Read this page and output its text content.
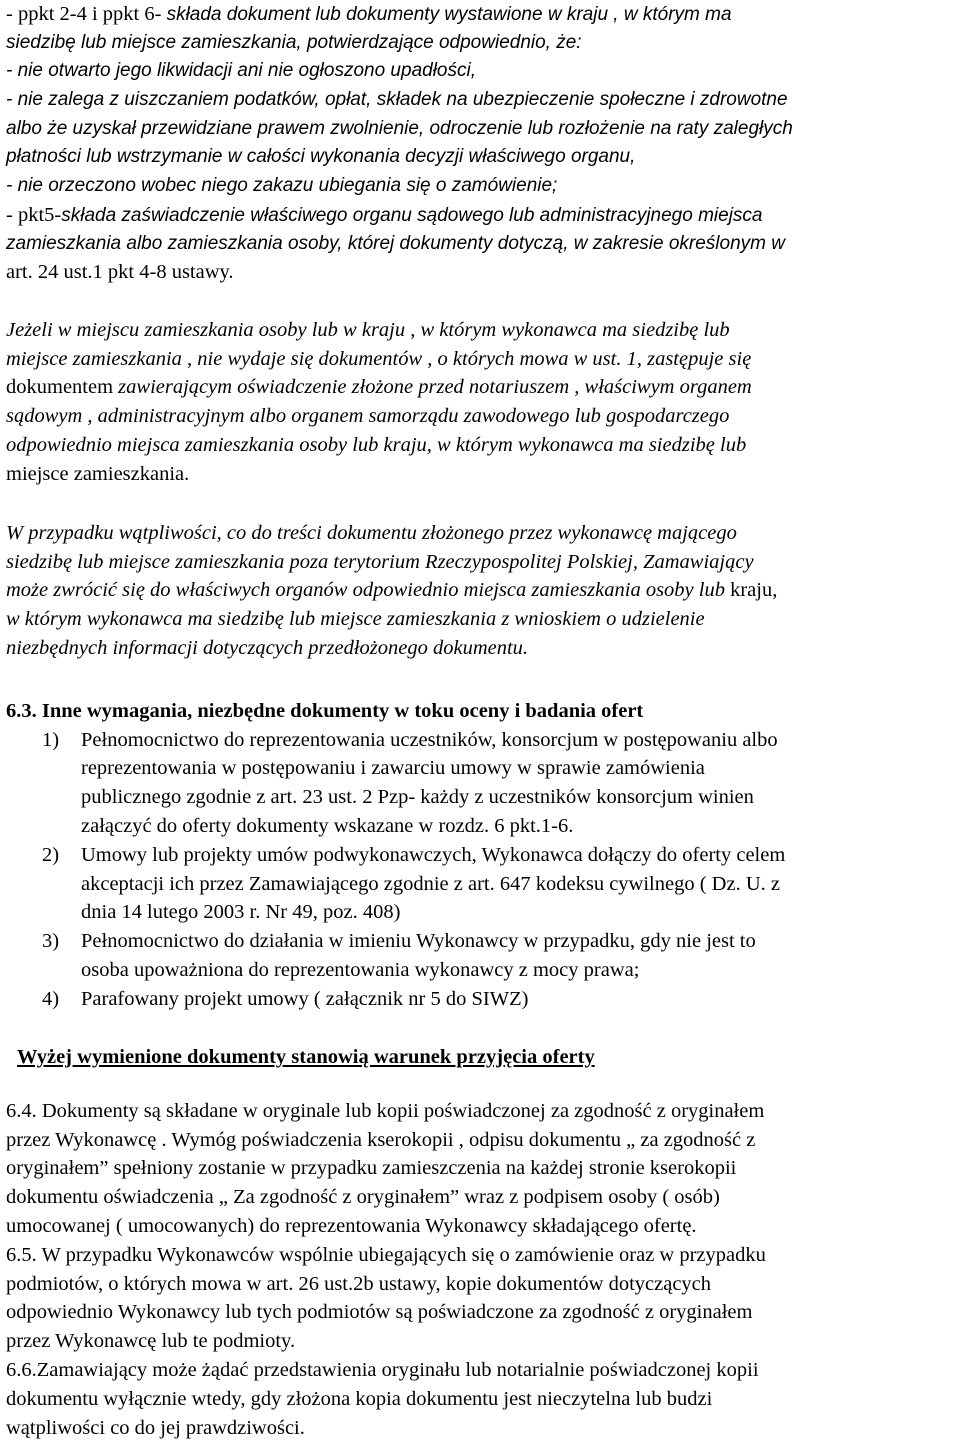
- ppkt 2-4 i ppkt 6- składa dokument lub dokumenty wystawione w kraju , w którym ma
siedzibę lub miejsce zamieszkania, potwierdzające odpowiednio, że:
- nie otwarto jego likwidacji ani nie ogłoszono upadłości,
- nie zalega z uiszczaniem podatków, opłat, składek na ubezpieczenie społeczne i zdrowotne
albo że uzyskał przewidziane prawem zwolnienie, odroczenie lub rozłożenie na raty zaległych
płatności lub wstrzymanie w całości wykonania decyzji właściwego organu,
- nie orzeczono wobec niego zakazu ubiegania się o zamówienie;
- pkt5-składa zaświadczenie właściwego organu sądowego lub administracyjnego miejsca
zamieszkania albo zamieszkania osoby, której dokumenty dotyczą, w zakresie określonym w
art. 24 ust.1 pkt 4-8 ustawy.
Jeżeli w miejscu zamieszkania osoby lub w kraju , w którym wykonawca ma siedzibę lub
miejsce zamieszkania , nie wydaje się dokumentów , o których mowa w ust. 1, zastępuje się
dokumentem zawierającym oświadczenie złożone przed notariuszem , właściwym organem
sądowym , administracyjnym albo organem samorządu zawodowego lub gospodarczego
odpowiednio miejsca zamieszkania osoby lub kraju, w którym wykonawca ma siedzibę lub
miejsce zamieszkania.
W przypadku wątpliwości, co do treści dokumentu złożonego przez wykonawcę mającego
siedzibę lub miejsce zamieszkania poza terytorium Rzeczypospolitej Polskiej, Zamawiający
może zwrócić się do właściwych organów odpowiednio miejsca zamieszkania osoby lub kraju,
w którym wykonawca ma siedzibę lub miejsce zamieszkania z wnioskiem o udzielenie
niezbędnych informacji dotyczących przedłożonego dokumentu.
6.3. Inne wymagania, niezbędne dokumenty w toku oceny i badania ofert
1) Pełnomocnictwo do reprezentowania uczestników, konsorcjum w postępowaniu albo
reprezentowania w postępowaniu i zawarciu umowy w sprawie zamówienia
publicznego zgodnie z art. 23 ust. 2 Pzp- każdy z uczestników konsorcjum winien
załączyć do oferty dokumenty wskazane w rozdz. 6 pkt.1-6.
2) Umowy lub projekty umów podwykonawczych, Wykonawca dołączy do oferty celem
akceptacji ich przez Zamawiającego zgodnie z art. 647 kodeksu cywilnego ( Dz. U. z
dnia 14 lutego 2003 r. Nr 49, poz. 408)
3) Pełnomocnictwo do działania w imieniu Wykonawcy w przypadku, gdy nie jest to
osoba upoważniona do reprezentowania wykonawcy z mocy prawa;
4) Parafowany projekt umowy ( załącznik nr 5 do SIWZ)
Wyżej wymienione dokumenty stanowią warunek przyjęcia oferty
6.4. Dokumenty są składane w oryginale lub kopii poświadczonej za zgodność z oryginałem
przez Wykonawcę . Wymóg poświadczenia kserokopii , odpisu dokumentu „ za zgodność z
oryginałem” spełniony zostanie w przypadku zamieszczenia na każdej stronie kserokopii
dokumentu oświadczenia „ Za zgodność z oryginałem” wraz z podpisem osoby ( osób)
umocowanej ( umocowanych) do reprezentowania Wykonawcy składającego ofertę.
6.5. W przypadku Wykonawców wspólnie ubiegających się o zamówienie oraz w przypadku
podmiotów, o których mowa w art. 26 ust.2b ustawy, kopie dokumentów dotyczących
odpowiednio Wykonawcy lub tych podmiotów są poświadczone za zgodność z oryginałem
przez Wykonawcę lub te podmioty.
6.6.Zamawiający może żądać przedstawienia oryginału lub notarialnie poświadczonej kopii
dokumentu wyłącznie wtedy, gdy złożona kopia dokumentu jest nieczytelna lub budzi
wątpliwości co do jej prawdziwości.
